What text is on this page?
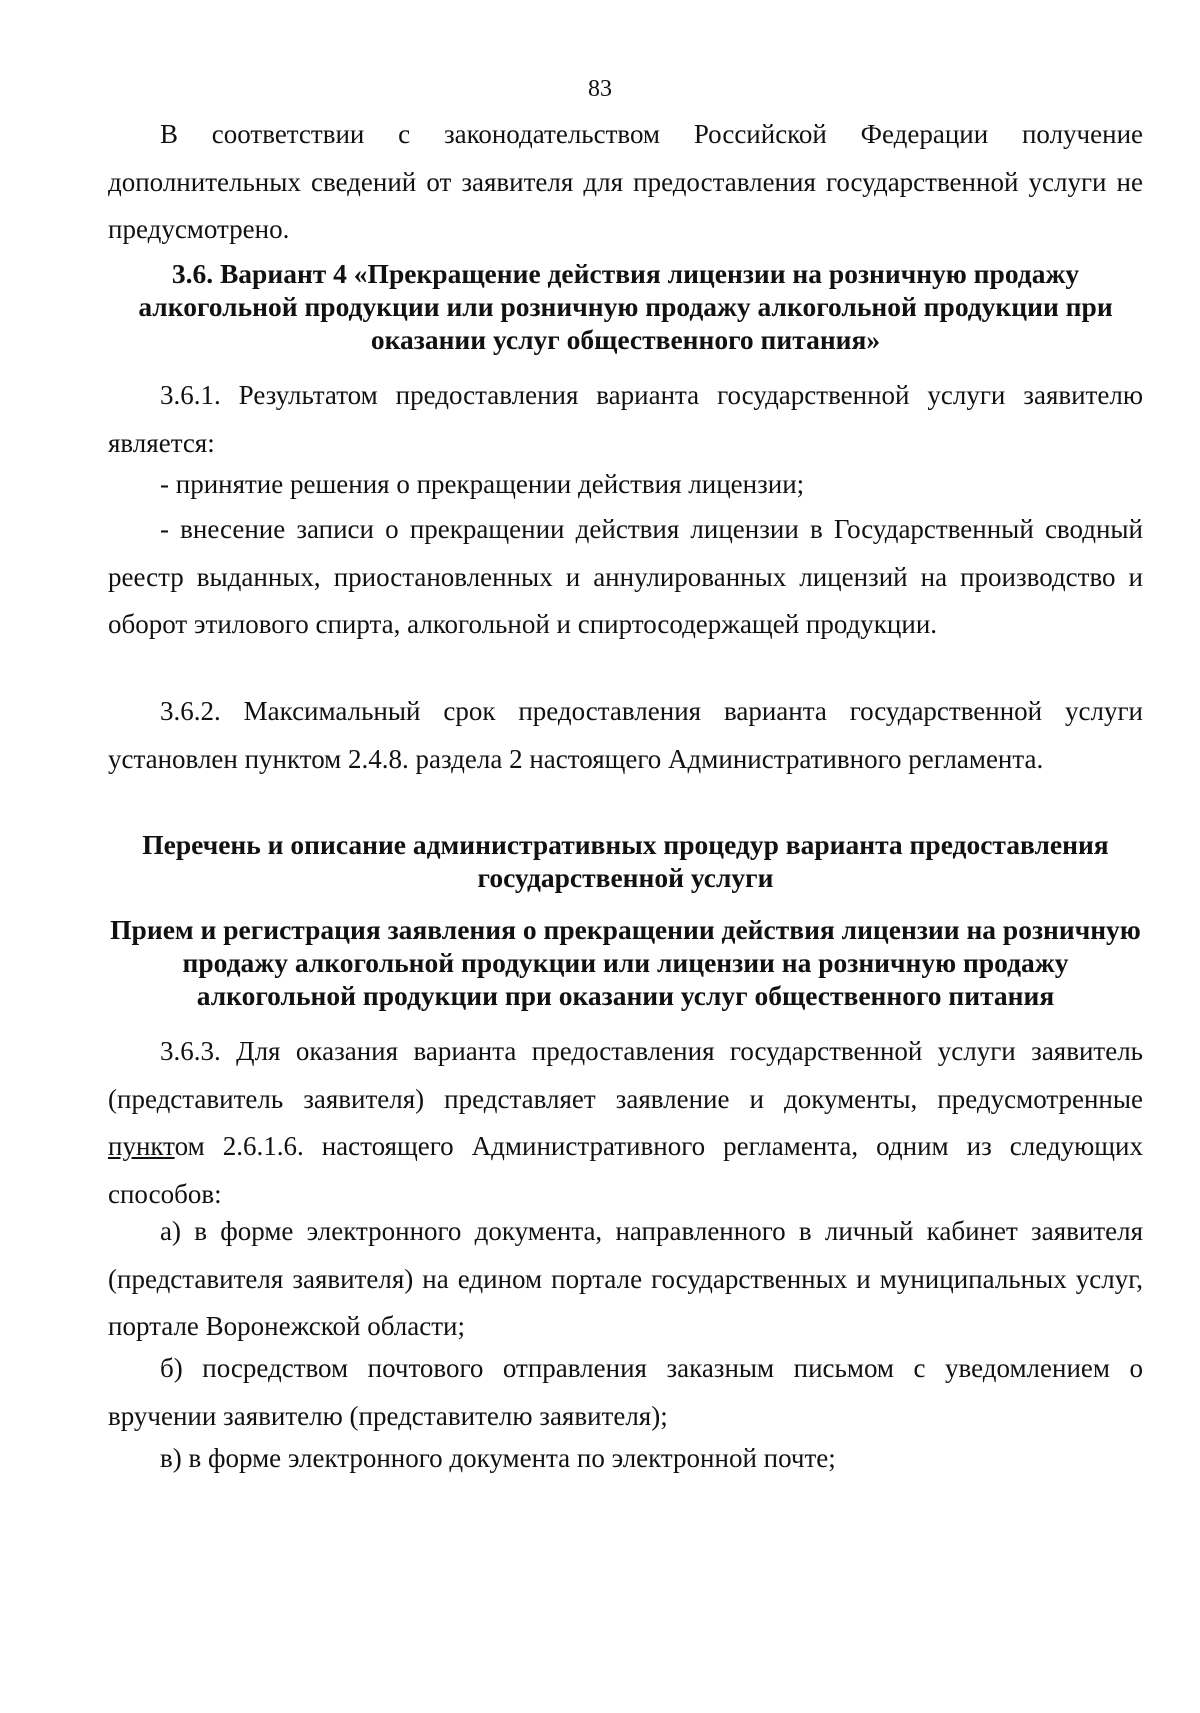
83

В соответствии с законодательством Российской Федерации получение дополнительных сведений от заявителя для предоставления государственной услуги не предусмотрено.

3.6. Вариант 4 «Прекращение действия лицензии на розничную продажу алкогольной продукции или розничную продажу алкогольной продукции при оказании услуг общественного питания»

3.6.1. Результатом предоставления варианта государственной услуги заявителю является:

- принятие решения о прекращении действия лицензии;

- внесение записи о прекращении действия лицензии в Государственный сводный реестр выданных, приостановленных и аннулированных лицензий на производство и оборот этилового спирта, алкогольной и спиртосодержащей продукции.

3.6.2. Максимальный срок предоставления варианта государственной услуги установлен пунктом 2.4.8. раздела 2 настоящего Административного регламента.

Перечень и описание административных процедур варианта предоставления государственной услуги

Прием и регистрация заявления о прекращении действия лицензии на розничную продажу алкогольной продукции или лицензии на розничную продажу алкогольной продукции при оказании услуг общественного питания

3.6.3. Для оказания варианта предоставления государственной услуги заявитель (представитель заявителя) представляет заявление и документы, предусмотренные пунктом 2.6.1.6. настоящего Административного регламента, одним из следующих способов:

а) в форме электронного документа, направленного в личный кабинет заявителя (представителя заявителя) на едином портале государственных и муниципальных услуг, портале Воронежской области;

б) посредством почтового отправления заказным письмом с уведомлением о вручении заявителю (представителю заявителя);

в) в форме электронного документа по электронной почте;
